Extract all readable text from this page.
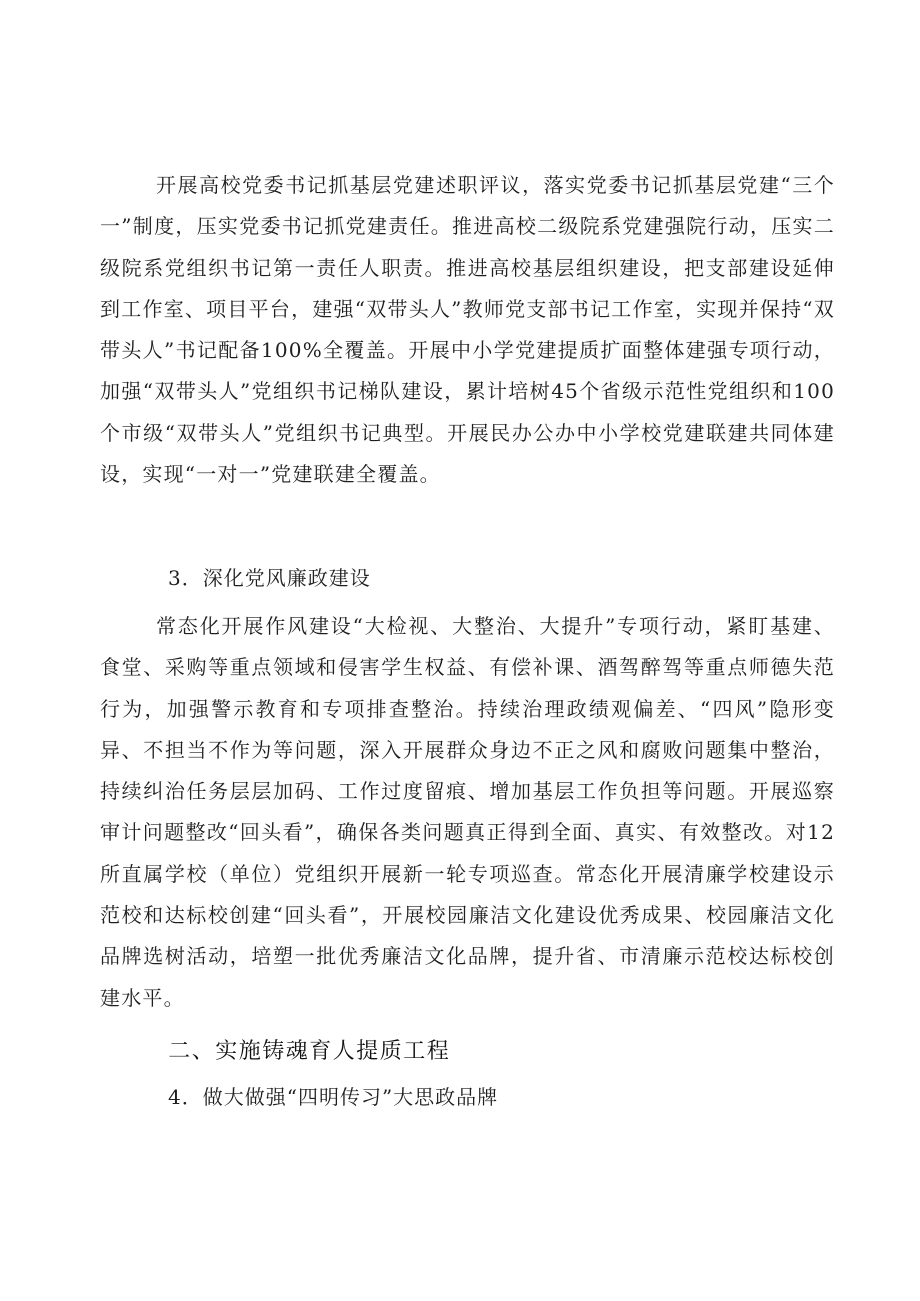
开展高校党委书记抓基层党建述职评议，落实党委书记抓基层党建“三个一”制度，压实党委书记抓党建责任。推进高校二级院系党建强院行动，压实二级院系党组织书记第一责任人职责。推进高校基层组织建设，把支部建设延伸到工作室、项目平台，建强“双带头人”教师党支部书记工作室，实现并保持“双带头人”书记配备100%全覆盖。开展中小学党建提质扩面整体建强专项行动，加强“双带头人”党组织书记梯队建设，累计培树45个省级示范性党组织和100个市级“双带头人”党组织书记典型。开展民办公办中小学校党建联建共同体建设，实现“一对一”党建联建全覆盖。

3．深化党风廉政建设

常态化开展作风建设“大检视、大整治、大提升”专项行动，紧盯基建、食堂、采购等重点领域和侵害学生权益、有偿补课、酒驾醉驾等重点师德失范行为，加强警示教育和专项排查整治。持续治理政绩观偏差、“四风”隐形变异、不担当不作为等问题，深入开展群众身边不正之风和腐败问题集中整治，持续纠治任务层层加码、工作过度留痕、增加基层工作负担等问题。开展巡察审计问题整改“回头看”，确保各类问题真正得到全面、真实、有效整改。对12所直属学校（单位）党组织开展新一轮专项巡查。常态化开展清廉学校建设示范校和达标校创建“回头看”，开展校园廉洁文化建设优秀成果、校园廉洁文化品牌选树活动，培塑一批优秀廉洁文化品牌，提升省、市清廉示范校达标校创建水平。

二、实施铸魂育人提质工程

4．做大做强“四明传习”大思政品牌
